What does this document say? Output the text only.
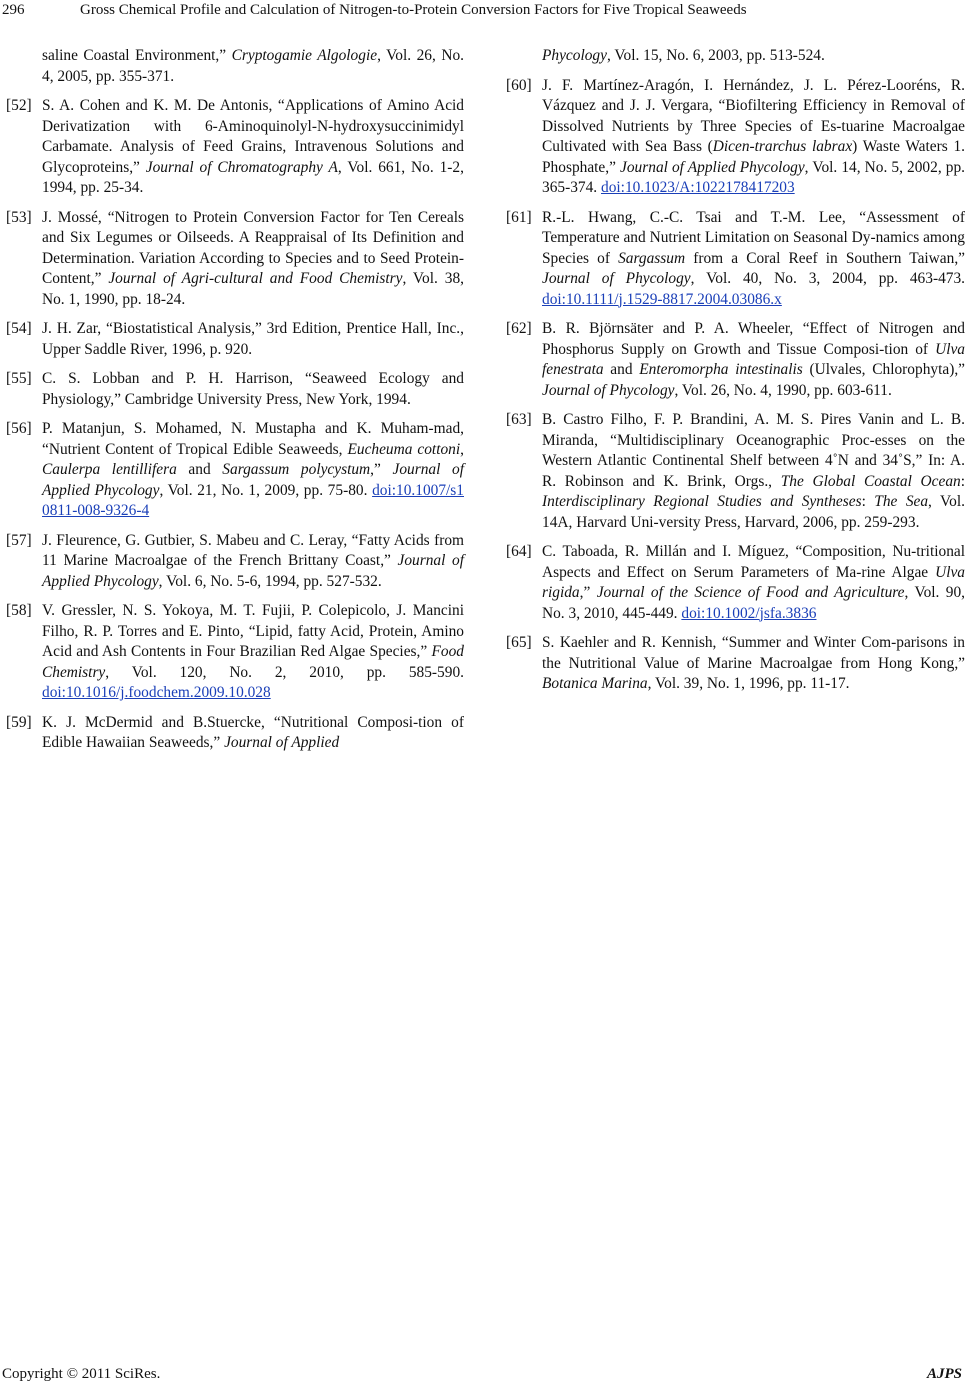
296	Gross Chemical Profile and Calculation of Nitrogen-to-Protein Conversion Factors for Five Tropical Seaweeds
saline Coastal Environment,” Cryptogamie Algologie, Vol. 26, No. 4, 2005, pp. 355-371.
[52] S. A. Cohen and K. M. De Antonis, “Applications of Amino Acid Derivatization with 6-Aminoquinolyl-N-hydroxysuccinimidyl Carbamate. Analysis of Feed Grains, Intravenous Solutions and Glycoproteins,” Journal of Chromatography A, Vol. 661, No. 1-2, 1994, pp. 25-34.
[53] J. Mossé, “Nitrogen to Protein Conversion Factor for Ten Cereals and Six Legumes or Oilseeds. A Reappraisal of Its Definition and Determination. Variation According to Species and to Seed Protein-Content,” Journal of Agri-cultural and Food Chemistry, Vol. 38, No. 1, 1990, pp. 18-24.
[54] J. H. Zar, “Biostatistical Analysis,” 3rd Edition, Prentice Hall, Inc., Upper Saddle River, 1996, p. 920.
[55] C. S. Lobban and P. H. Harrison, “Seaweed Ecology and Physiology,” Cambridge University Press, New York, 1994.
[56] P. Matanjun, S. Mohamed, N. Mustapha and K. Muham-mad, “Nutrient Content of Tropical Edible Seaweeds, Eucheuma cottoni, Caulerpa lentillifera and Sargassum polycystum,” Journal of Applied Phycology, Vol. 21, No. 1, 2009, pp. 75-80. doi:10.1007/s10811-008-9326-4
[57] J. Fleurence, G. Gutbier, S. Mabeu and C. Leray, “Fatty Acids from 11 Marine Macroalgae of the French Brittany Coast,” Journal of Applied Phycology, Vol. 6, No. 5-6, 1994, pp. 527-532.
[58] V. Gressler, N. S. Yokoya, M. T. Fujii, P. Colepicolo, J. Mancini Filho, R. P. Torres and E. Pinto, “Lipid, fatty Acid, Protein, Amino Acid and Ash Contents in Four Brazilian Red Algae Species,” Food Chemistry, Vol. 120, No. 2, 2010, pp. 585-590. doi:10.1016/j.foodchem.2009.10.028
[59] K. J. McDermid and B.Stuercke, “Nutritional Composi-tion of Edible Hawaiian Seaweeds,” Journal of Applied
Phycology, Vol. 15, No. 6, 2003, pp. 513-524.
[60] J. F. Martínez-Aragón, I. Hernández, J. L. Pérez-Looréns, R. Vázquez and J. J. Vergara, “Biofiltering Efficiency in Removal of Dissolved Nutrients by Three Species of Es-tuarine Macroalgae Cultivated with Sea Bass (Dicen-trarchus labrax) Waste Waters 1. Phosphate,” Journal of Applied Phycology, Vol. 14, No. 5, 2002, pp. 365-374. doi:10.1023/A:1022178417203
[61] R.-L. Hwang, C.-C. Tsai and T.-M. Lee, “Assessment of Temperature and Nutrient Limitation on Seasonal Dy-namics among Species of Sargassum from a Coral Reef in Southern Taiwan,” Journal of Phycology, Vol. 40, No. 3, 2004, pp. 463-473. doi:10.1111/j.1529-8817.2004.03086.x
[62] B. R. Björnsäter and P. A. Wheeler, “Effect of Nitrogen and Phosphorus Supply on Growth and Tissue Composi-tion of Ulva fenestrata and Enteromorpha intestinalis (Ulvales, Chlorophyta),” Journal of Phycology, Vol. 26, No. 4, 1990, pp. 603-611.
[63] B. Castro Filho, F. P. Brandini, A. M. S. Pires Vanin and L. B. Miranda, “Multidisciplinary Oceanographic Proc-esses on the Western Atlantic Continental Shelf between 4˚N and 34˚S,” In: A. R. Robinson and K. Brink, Orgs., The Global Coastal Ocean: Interdisciplinary Regional Studies and Syntheses: The Sea, Vol. 14A, Harvard Uni-versity Press, Harvard, 2006, pp. 259-293.
[64] C. Taboada, R. Millán and I. Míguez, “Composition, Nu-tritional Aspects and Effect on Serum Parameters of Ma-rine Algae Ulva rigida,” Journal of the Science of Food and Agriculture, Vol. 90, No. 3, 2010, 445-449. doi:10.1002/jsfa.3836
[65] S. Kaehler and R. Kennish, “Summer and Winter Com-parisons in the Nutritional Value of Marine Macroalgae from Hong Kong,” Botanica Marina, Vol. 39, No. 1, 1996, pp. 11-17.
Copyright © 2011 SciRes.	AJPS
